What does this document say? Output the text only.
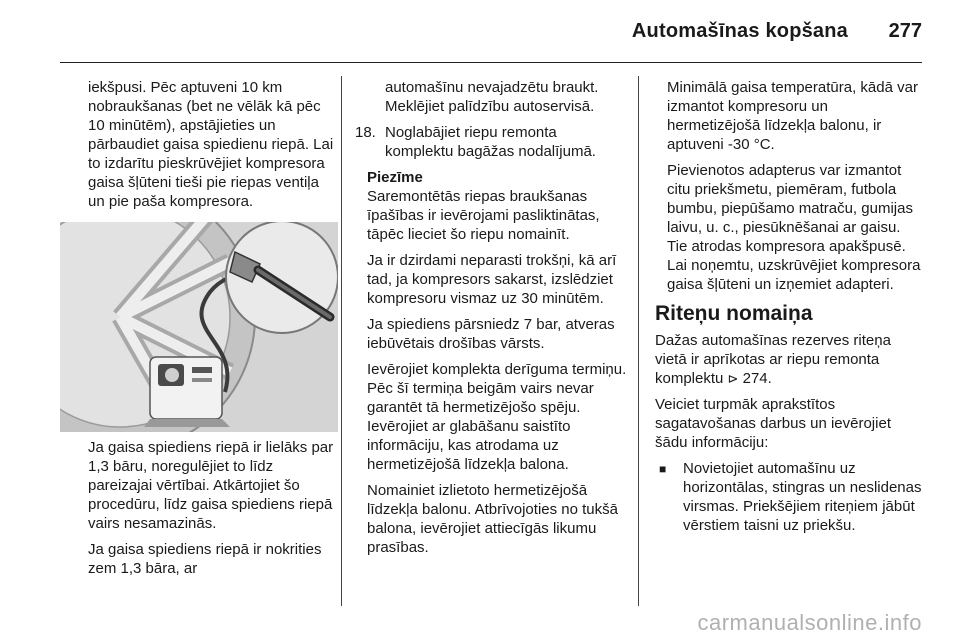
Automašīnas kopšana 277

iekšpusi. Pēc aptuveni 10 km nobraukšanas (bet ne vēlāk kā pēc 10 minūtēm), apstājieties un pārbaudiet gaisa spiedienu riepā. Lai to izdarītu pieskrūvējiet kompresora gaisa šļūteni tieši pie riepas ventiļa un pie paša kompresora.

Ja gaisa spiediens riepā ir lielāks par 1,3 bāru, noregulējiet to līdz pareizajai vērtībai. Atkārtojiet šo procedūru, līdz gaisa spiediens riepā vairs nesamazinās.

Ja gaisa spiediens riepā ir nokrities zem 1,3 bāra, ar

automašīnu nevajadzētu braukt. Meklējiet palīdzību autoservisā.

18. Noglabājiet riepu remonta komplektu bagāžas nodalījumā.

Piezīme

Saremontētās riepas braukšanas īpašības ir ievērojami pasliktinātas, tāpēc lieciet šo riepu nomainīt.

Ja ir dzirdami neparasti trokšņi, kā arī tad, ja kompresors sakarst, izslēdziet kompresoru vismaz uz 30 minūtēm.

Ja spiediens pārsniedz 7 bar, atveras iebūvētais drošības vārsts.

Ievērojiet komplekta derīguma termiņu. Pēc šī termiņa beigām vairs nevar garantēt tā hermetizējošo spēju. Ievērojiet ar glabāšanu saistīto informāciju, kas atrodama uz hermetizējošā līdzekļa balona.

Nomainiet izlietoto hermetizējošā līdzekļa balonu. Atbrīvojoties no tukšā balona, ievērojiet attiecīgās likumu prasības.

Minimālā gaisa temperatūra, kādā var izmantot kompresoru un hermetizējošā līdzekļa balonu, ir aptuveni -30 °C.

Pievienotos adapterus var izmantot citu priekšmetu, piemēram, futbola bumbu, piepūšamo matraču, gumijas laivu, u. c., piesūknēšanai ar gaisu. Tie atrodas kompresora apakšpusē. Lai noņemtu, uzskrūvējiet kompresora gaisa šļūteni un izņemiet adapteri.

Riteņu nomaiņa

Dažas automašīnas rezerves riteņa vietā ir aprīkotas ar riepu remonta komplektu ⊳ 274.

Veiciet turpmāk aprakstītos sagatavošanas darbus un ievērojiet šādu informāciju:

■ Novietojiet automašīnu uz horizontālas, stingras un neslidenas virsmas. Priekšējiem riteņiem jābūt vērstiem taisni uz priekšu.

carmanualsonline.info
